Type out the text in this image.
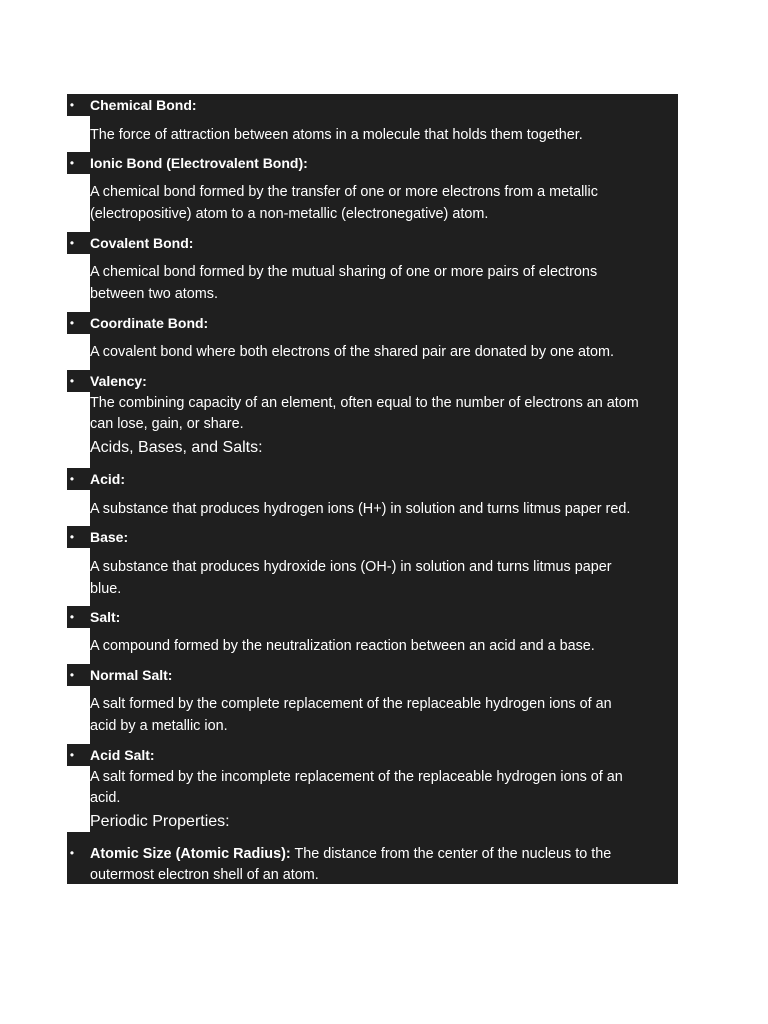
• Chemical Bond:
The force of attraction between atoms in a molecule that holds them together.
• Ionic Bond (Electrovalent Bond):
A chemical bond formed by the transfer of one or more electrons from a metallic
(electropositive) atom to a non-metallic (electronegative) atom.
• Covalent Bond:
A chemical bond formed by the mutual sharing of one or more pairs of electrons
between two atoms.
• Coordinate Bond:
A covalent bond where both electrons of the shared pair are donated by one atom.
• Valency:
The combining capacity of an element, often equal to the number of electrons an atom
can lose, gain, or share.
Acids, Bases, and Salts:
• Acid:
A substance that produces hydrogen ions (H+) in solution and turns litmus paper red.
• Base:
A substance that produces hydroxide ions (OH-) in solution and turns litmus paper
blue.
• Salt:
A compound formed by the neutralization reaction between an acid and a base.
• Normal Salt:
A salt formed by the complete replacement of the replaceable hydrogen ions of an
acid by a metallic ion.
• Acid Salt:
A salt formed by the incomplete replacement of the replaceable hydrogen ions of an
acid.
Periodic Properties:
• Atomic Size (Atomic Radius): The distance from the center of the nucleus to the
outermost electron shell of an atom.
